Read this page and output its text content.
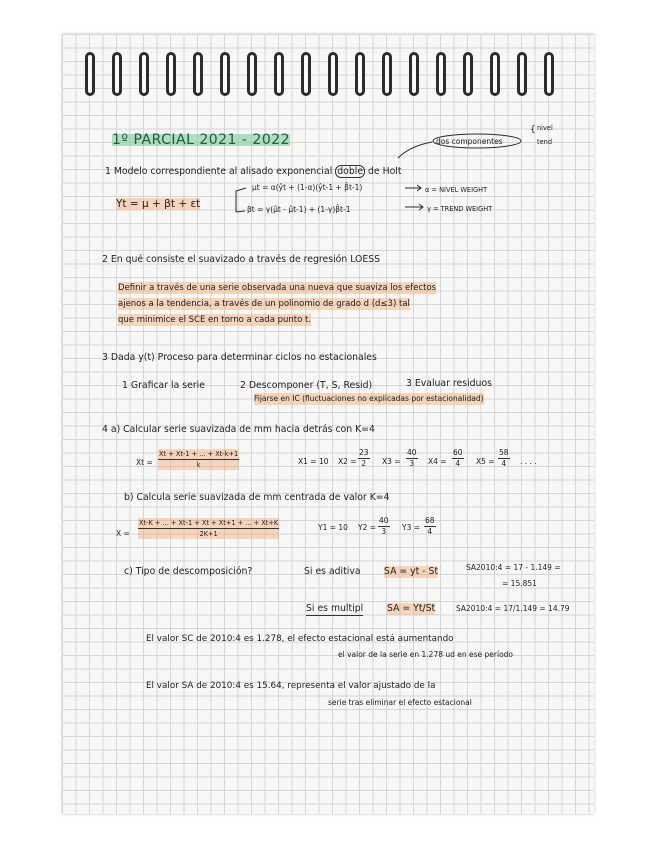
1º PARCIAL 2021 - 2022	dos componentes
{ nivel
tend
1 Modelo correspondiente al alisado exponencial doble de Holt
Yt = μ + βt + εt
μt = α(ŷt + (1-α)(ŷt-1 + β̂t-1)
βt = γ(μ̂t - μ̂t-1) + (1-γ)β̂t-1
α = NIVEL WEIGHT
γ = TREND WEIGHT
2 En qué consiste el suavizado a través de regresión LOESS
Definir a través de una serie observada una nueva que suaviza los efectos
ajenos a la tendencia, a través de un polinomio de grado d (d≤3) tal
que minimice el SCE en torno a cada punto t.
3 Dada y(t) Proceso para determinar ciclos no estacionales
1 Graficar la serie	2 Descomponer (T, S, Resid)	3 Evaluar residuos
Fijarse en IC (fluctuaciones no explicadas por estacionalidad)
4 a) Calcular serie suavizada de mm hacia detrás con K=4
$Xt = \frac{Xt + Xt-1 + ... + Xt-k+1}{k}$	X1 = 10 $X2 = \frac{23}{2} X3 = \frac{40}{3} X4 = \frac{60}{4} X5 = \frac{58}{4}$ . . . .
b) Calcula serie suavizada de mm centrada de valor K=4
$X = \frac{Xt-K + ... + Xt-1 + Xt + Xt+1 + ... + Xt+K}{2K+1}$	Y1 = 10 $Y2 = \frac{40}{3} Y3 = \frac{68}{4}$
c) Tipo de descomposición?	Si es aditiva	SA = yt - St	SA2010:4 = 17 - 1.149 =
= 15.851
Si es multipl	SA = Yt/St	SA2010:4 = 17/1.149 = 14.79
El valor SC de 2010:4 es 1.278, el efecto estacional está aumentando
el valor de la serie en 1.278 ud en ese período
El valor SA de 2010:4 es 15.64, representa el valor ajustado de la
serie tras eliminar el efecto estacional
